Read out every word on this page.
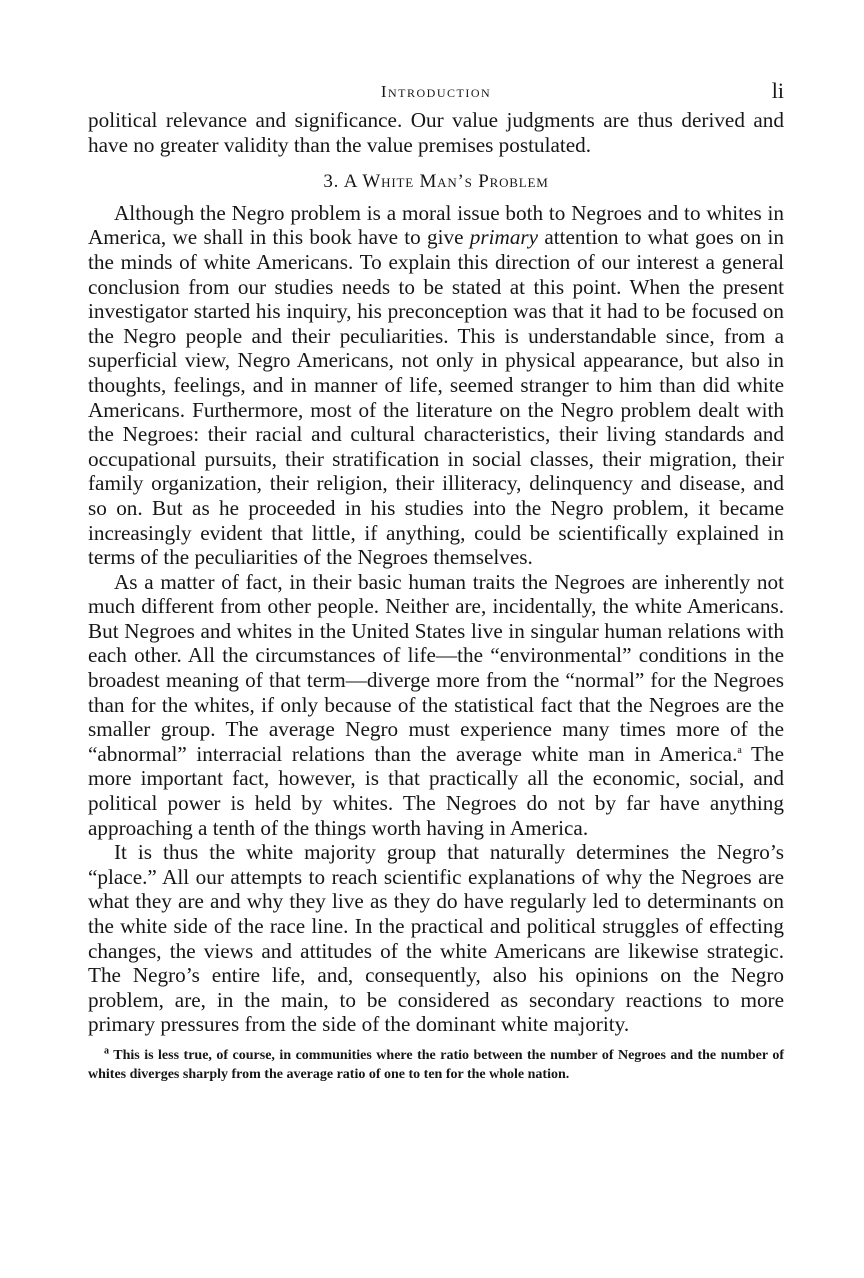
Introduction	li

political relevance and significance. Our value judgments are thus derived and have no greater validity than the value premises postulated.

3. A White Man’s Problem

Although the Negro problem is a moral issue both to Negroes and to whites in America, we shall in this book have to give primary attention to what goes on in the minds of white Americans. To explain this direction of our interest a general conclusion from our studies needs to be stated at this point. When the present investigator started his inquiry, his preconception was that it had to be focused on the Negro people and their peculiarities. This is understandable since, from a superficial view, Negro Americans, not only in physical appearance, but also in thoughts, feelings, and in manner of life, seemed stranger to him than did white Americans. Furthermore, most of the literature on the Negro problem dealt with the Negroes: their racial and cultural characteristics, their living standards and occupational pursuits, their stratification in social classes, their migration, their family organization, their religion, their illiteracy, delinquency and disease, and so on. But as he proceeded in his studies into the Negro problem, it became increasingly evident that little, if anything, could be scientifically explained in terms of the peculiarities of the Negroes themselves.

As a matter of fact, in their basic human traits the Negroes are inherently not much different from other people. Neither are, incidentally, the white Americans. But Negroes and whites in the United States live in singular human relations with each other. All the circumstances of life—the “environmental” conditions in the broadest meaning of that term—diverge more from the “normal” for the Negroes than for the whites, if only because of the statistical fact that the Negroes are the smaller group. The average Negro must experience many times more of the “abnormal” interracial relations than the average white man in America.$^a$ The more important fact, however, is that practically all the economic, social, and political power is held by whites. The Negroes do not by far have anything approaching a tenth of the things worth having in America.

It is thus the white majority group that naturally determines the Negro’s “place.” All our attempts to reach scientific explanations of why the Negroes are what they are and why they live as they do have regularly led to determinants on the white side of the race line. In the practical and political struggles of effecting changes, the views and attitudes of the white Americans are likewise strategic. The Negro’s entire life, and, consequently, also his opinions on the Negro problem, are, in the main, to be considered as secondary reactions to more primary pressures from the side of the dominant white majority.

$^a$ This is less true, of course, in communities where the ratio between the number of Negroes and the number of whites diverges sharply from the average ratio of one to ten for the whole nation.
